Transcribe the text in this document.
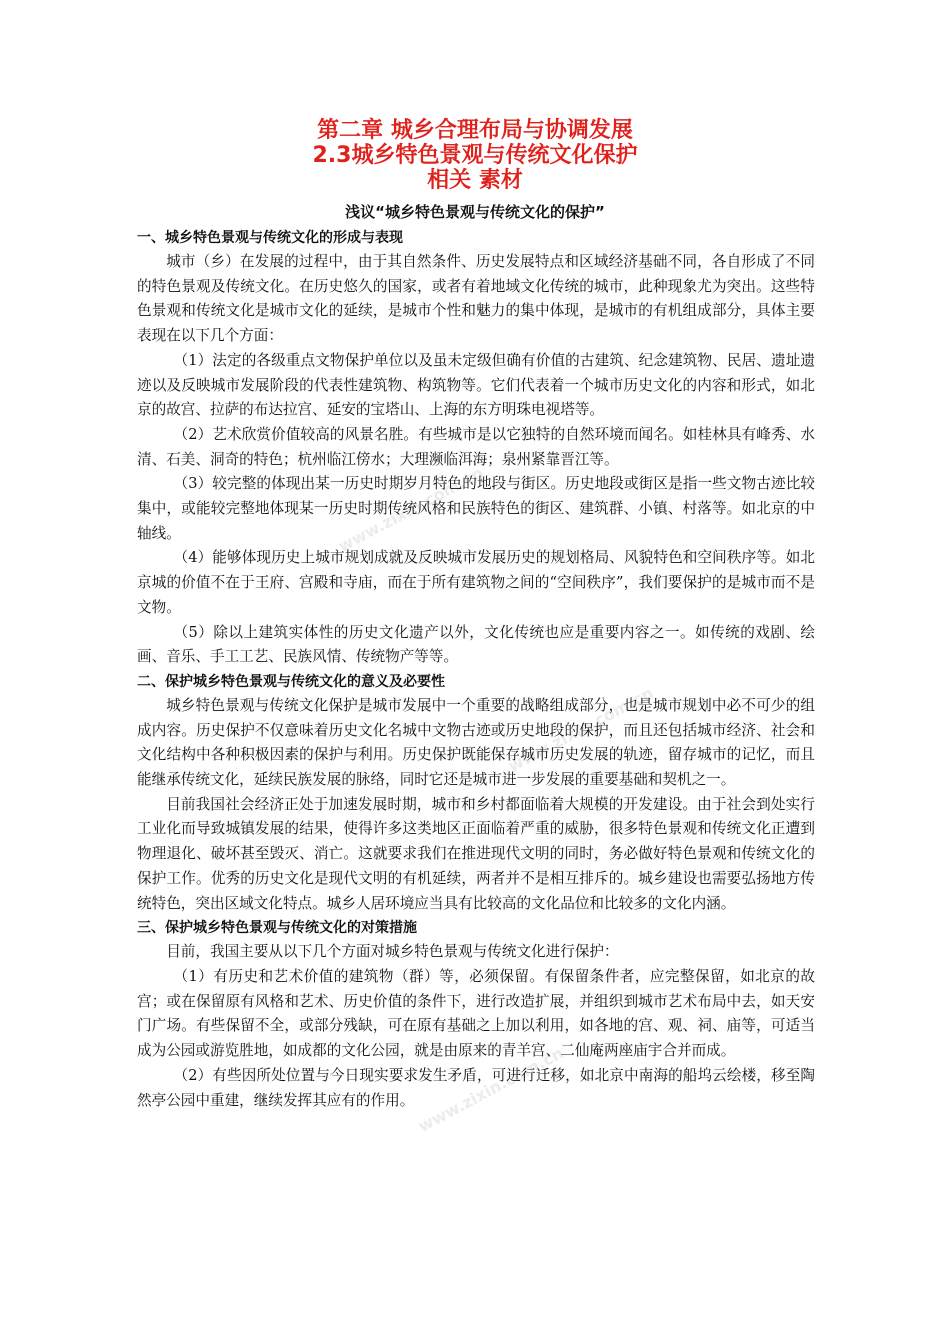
www.zixin.com.cn
www.zixin.com.cn
www.zixin.com.cn
第二章 城乡合理布局与协调发展
2.3城乡特色景观与传统文化保护
相关 素材
浅议“城乡特色景观与传统文化的保护”
一、城乡特色景观与传统文化的形成与表现

城市（乡）在发展的过程中，由于其自然条件、历史发展特点和区域经济基础不同，各自形成了不同的特色景观及传统文化。在历史悠久的国家，或者有着地域文化传统的城市，此种现象尤为突出。这些特色景观和传统文化是城市文化的延续，是城市个性和魅力的集中体现，是城市的有机组成部分，具体主要表现在以下几个方面：

（1）法定的各级重点文物保护单位以及虽未定级但确有价值的古建筑、纪念建筑物、民居、遗址遗迹以及反映城市发展阶段的代表性建筑物、构筑物等。它们代表着一个城市历史文化的内容和形式，如北京的故宫、拉萨的布达拉宫、延安的宝塔山、上海的东方明珠电视塔等。

（2）艺术欣赏价值较高的风景名胜。有些城市是以它独特的自然环境而闻名。如桂林具有峰秀、水清、石美、洞奇的特色；杭州临江傍水；大理濒临洱海；泉州紧靠晋江等。

（3）较完整的体现出某一历史时期岁月特色的地段与街区。历史地段或街区是指一些文物古迹比较集中，或能较完整地体现某一历史时期传统风格和民族特色的街区、建筑群、小镇、村落等。如北京的中轴线。

（4）能够体现历史上城市规划成就及反映城市发展历史的规划格局、风貌特色和空间秩序等。如北京城的价值不在于王府、宫殿和寺庙，而在于所有建筑物之间的“空间秩序”，我们要保护的是城市而不是文物。

（5）除以上建筑实体性的历史文化遗产以外，文化传统也应是重要内容之一。如传统的戏剧、绘画、音乐、手工工艺、民族风情、传统物产等等。

二、保护城乡特色景观与传统文化的意义及必要性

城乡特色景观与传统文化保护是城市发展中一个重要的战略组成部分，也是城市规划中必不可少的组成内容。历史保护不仅意味着历史文化名城中文物古迹或历史地段的保护，而且还包括城市经济、社会和文化结构中各种积极因素的保护与利用。历史保护既能保存城市历史发展的轨迹，留存城市的记忆，而且能继承传统文化，延续民族发展的脉络，同时它还是城市进一步发展的重要基础和契机之一。

目前我国社会经济正处于加速发展时期，城市和乡村都面临着大规模的开发建设。由于社会到处实行工业化而导致城镇发展的结果，使得许多这类地区正面临着严重的威胁，很多特色景观和传统文化正遭到物理退化、破坏甚至毁灭、消亡。这就要求我们在推进现代文明的同时，务必做好特色景观和传统文化的保护工作。优秀的历史文化是现代文明的有机延续，两者并不是相互排斥的。城乡建设也需要弘扬地方传统特色，突出区域文化特点。城乡人居环境应当具有比较高的文化品位和比较多的文化内涵。

三、保护城乡特色景观与传统文化的对策措施

目前，我国主要从以下几个方面对城乡特色景观与传统文化进行保护：

（1）有历史和艺术价值的建筑物（群）等，必须保留。有保留条件者，应完整保留，如北京的故宫；或在保留原有风格和艺术、历史价值的条件下，进行改造扩展，并组织到城市艺术布局中去，如天安门广场。有些保留不全，或部分残缺，可在原有基础之上加以利用，如各地的宫、观、祠、庙等，可适当成为公园或游览胜地，如成都的文化公园，就是由原来的青羊宫、二仙庵两座庙宇合并而成。

（2）有些因所处位置与今日现实要求发生矛盾，可进行迁移，如北京中南海的船坞云绘楼，移至陶然亭公园中重建，继续发挥其应有的作用。
